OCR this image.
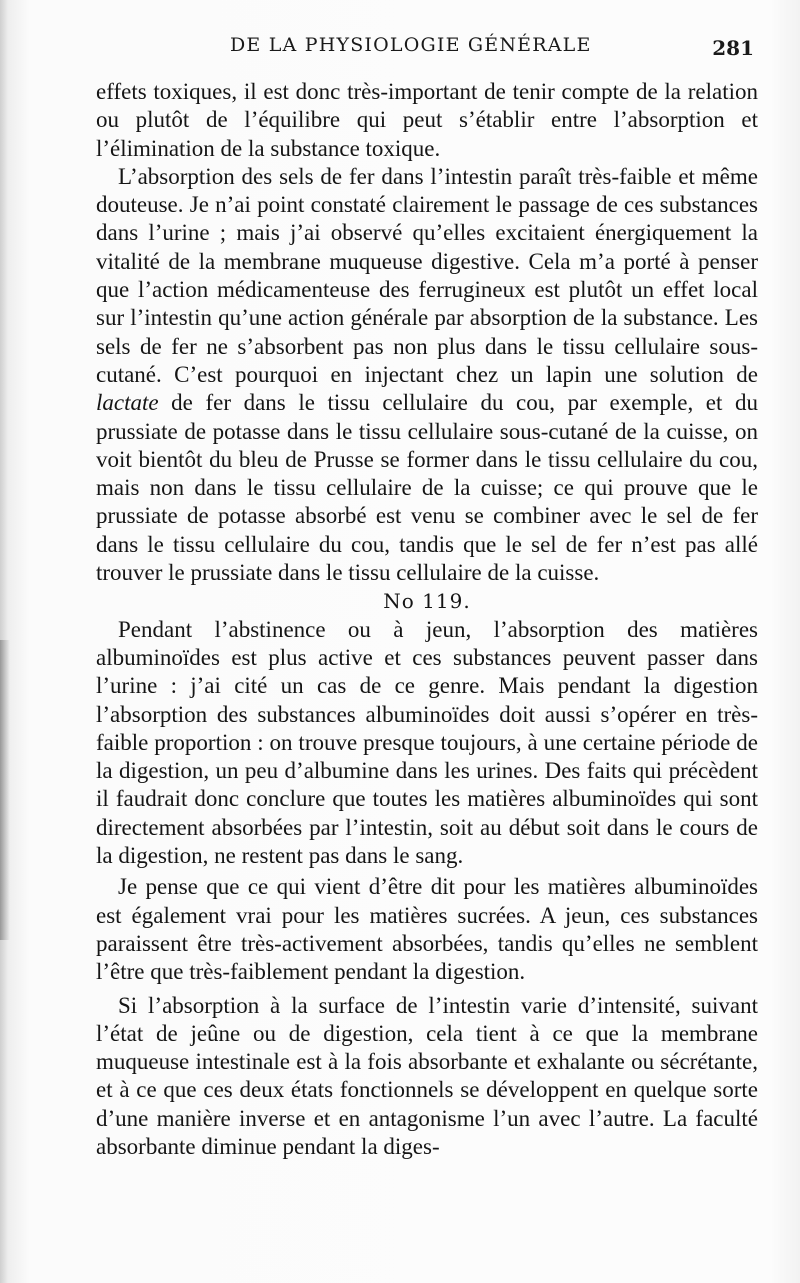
DE LA PHYSIOLOGIE GÉNÉRALE	281

effets toxiques, il est donc très-important de tenir compte de la relation ou plutôt de l’équilibre qui peut s’établir entre l’absorption et l’élimination de la substance toxique.

L’absorption des sels de fer dans l’intestin paraît très-faible et même douteuse. Je n’ai point constaté clairement le passage de ces substances dans l’urine ; mais j’ai observé qu’elles excitaient énergiquement la vitalité de la membrane muqueuse digestive. Cela m’a porté à penser que l’action médicamenteuse des ferrugineux est plutôt un effet local sur l’intestin qu’une action générale par absorption de la substance. Les sels de fer ne s’absorbent pas non plus dans le tissu cellulaire sous-cutané. C’est pourquoi en injectant chez un lapin une solution de lactate de fer dans le tissu cellulaire du cou, par exemple, et du prussiate de potasse dans le tissu cellulaire sous-cutané de la cuisse, on voit bientôt du bleu de Prusse se former dans le tissu cellulaire du cou, mais non dans le tissu cellulaire de la cuisse; ce qui prouve que le prussiate de potasse absorbé est venu se combiner avec le sel de fer dans le tissu cellulaire du cou, tandis que le sel de fer n’est pas allé trouver le prussiate dans le tissu cellulaire de la cuisse.

No 119.

Pendant l’abstinence ou à jeun, l’absorption des matières albuminoïdes est plus active et ces substances peuvent passer dans l’urine : j’ai cité un cas de ce genre. Mais pendant la digestion l’absorption des substances albuminoïdes doit aussi s’opérer en très-faible proportion : on trouve presque toujours, à une certaine période de la digestion, un peu d’albumine dans les urines. Des faits qui précèdent il faudrait donc conclure que toutes les matières albuminoïdes qui sont directement absorbées par l’intestin, soit au début soit dans le cours de la digestion, ne restent pas dans le sang.

Je pense que ce qui vient d’être dit pour les matières albuminoïdes est également vrai pour les matières sucrées. A jeun, ces substances paraissent être très-activement absorbées, tandis qu’elles ne semblent l’être que très-faiblement pendant la digestion.

Si l’absorption à la surface de l’intestin varie d’intensité, suivant l’état de jeûne ou de digestion, cela tient à ce que la membrane muqueuse intestinale est à la fois absorbante et exhalante ou sécrétante, et à ce que ces deux états fonctionnels se développent en quelque sorte d’une manière inverse et en antagonisme l’un avec l’autre. La faculté absorbante diminue pendant la diges-
